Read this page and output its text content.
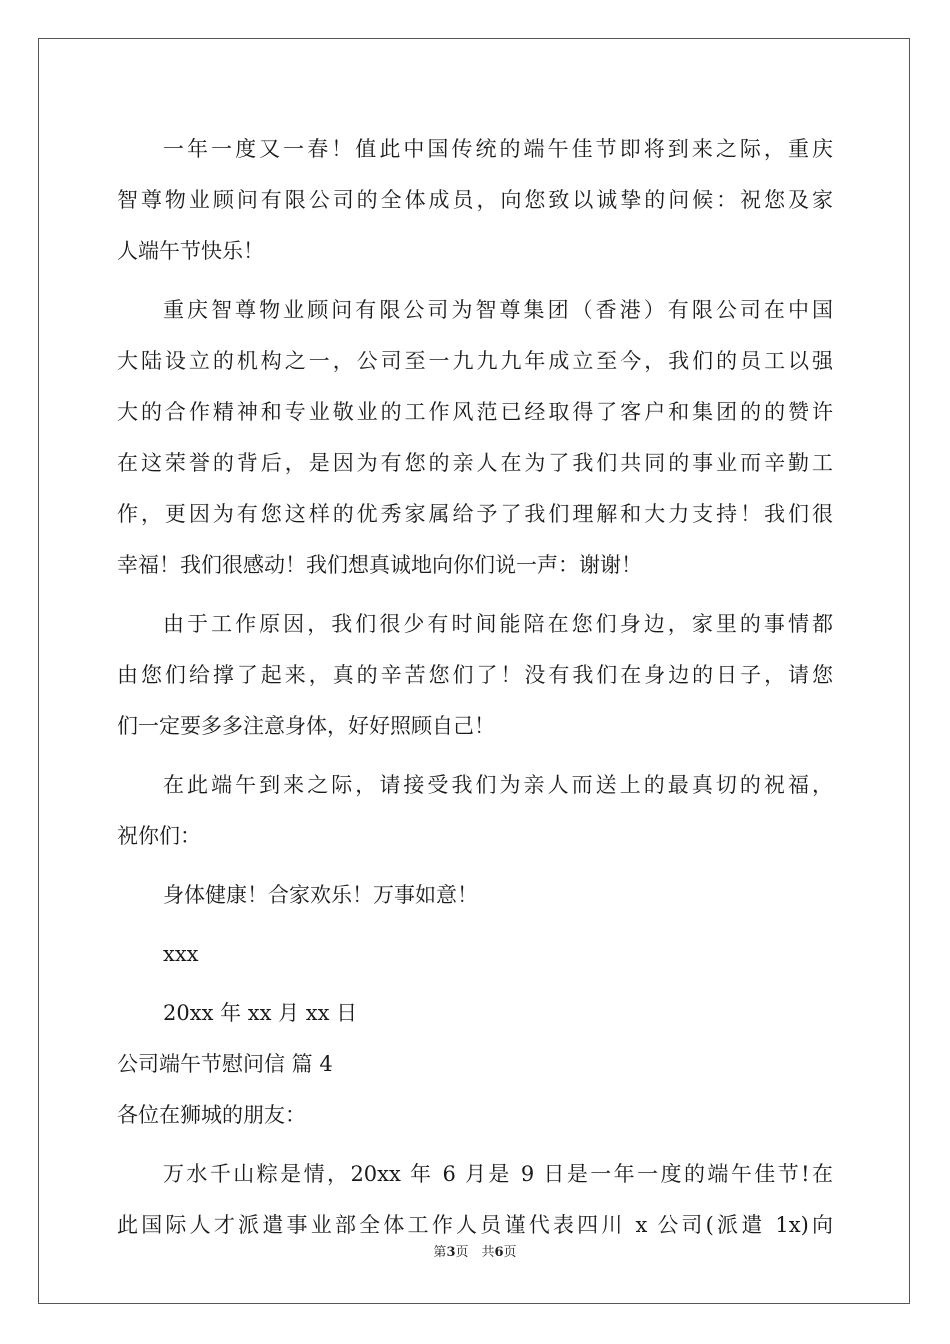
一年一度又一春！值此中国传统的端午佳节即将到来之际，重庆
智尊物业顾问有限公司的全体成员，向您致以诚挚的问候：祝您及家
人端午节快乐！
重庆智尊物业顾问有限公司为智尊集团（香港）有限公司在中国
大陆设立的机构之一，公司至一九九九年成立至今，我们的员工以强
大的合作精神和专业敬业的工作风范已经取得了客户和集团的的赞许
在这荣誉的背后，是因为有您的亲人在为了我们共同的事业而辛勤工
作，更因为有您这样的优秀家属给予了我们理解和大力支持！我们很
幸福！我们很感动！我们想真诚地向你们说一声：谢谢！
由于工作原因，我们很少有时间能陪在您们身边，家里的事情都
由您们给撑了起来，真的辛苦您们了！没有我们在身边的日子，请您
们一定要多多注意身体，好好照顾自己！
在此端午到来之际，请接受我们为亲人而送上的最真切的祝福，
祝你们：
身体健康！合家欢乐！万事如意！
xxx
20xx 年 xx 月 xx 日
公司端午节慰问信 篇 4
各位在狮城的朋友：
万水千山粽是情，20xx 年 6 月是 9 日是一年一度的端午佳节!在
此国际人才派遣事业部全体工作人员谨代表四川 x 公司(派遣 1x)向
第3页　共6页
